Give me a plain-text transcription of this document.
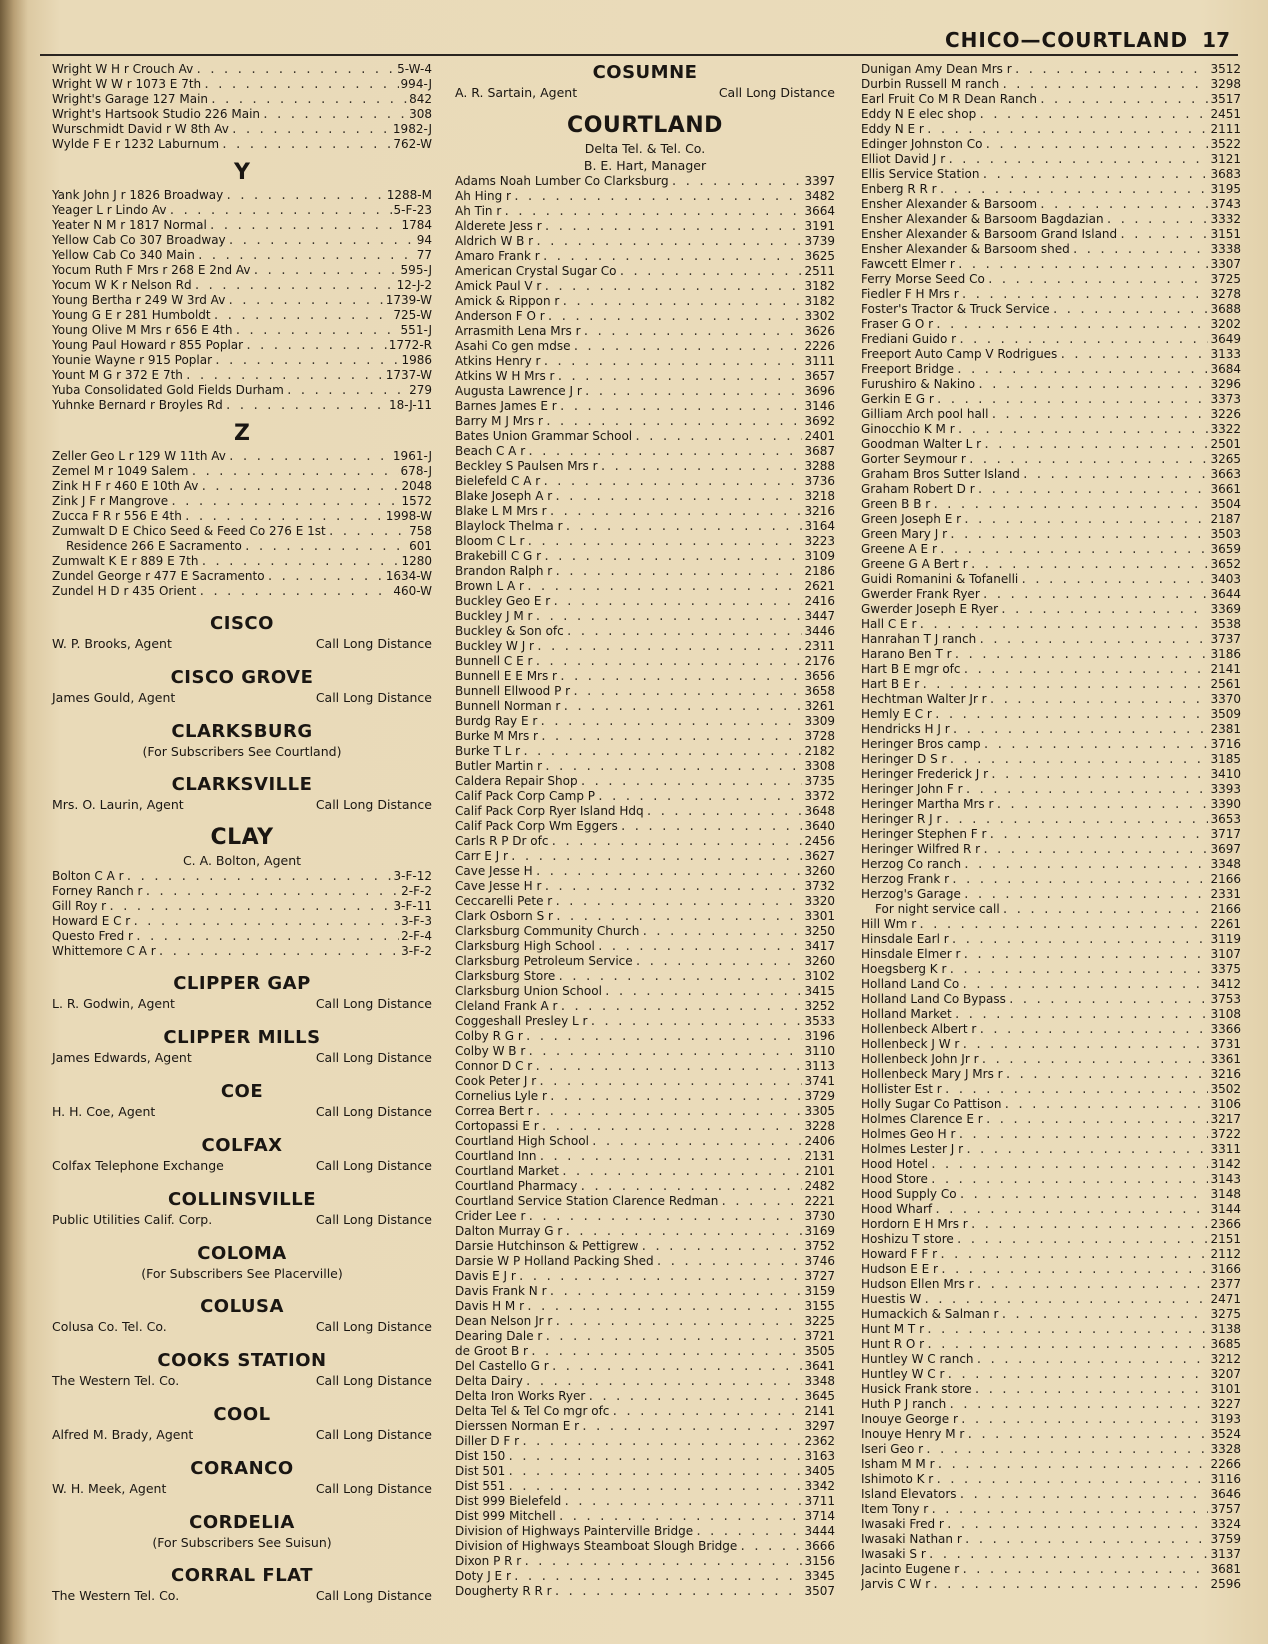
CHICO—COURTLAND 17
Wright W H r Crouch Av . . .	5-W-4
Wright W W r 1073 E 7th . . .	994-J
Wright's Garage 127 Main . . .	842
Wright's Hartsook Studio 226 Main . . .	308
Wurschmidt David r W 8th Av . . .	1982-J
Wylde F E r 1232 Laburnum . . .	762-W
Y
Yank John J r 1826 Broadway . . .	1288-M
Yeager L r Lindo Av . . .	5-F-23
Yeater N M r 1817 Normal . . .	1784
Yellow Cab Co 307 Broadway . . .	94
Yellow Cab Co 340 Main . . .	77
Yocum Ruth F Mrs r 268 E 2nd Av . . .	595-J
Yocum W K r Nelson Rd . . .	12-J-2
Young Bertha r 249 W 3rd Av . . .	1739-W
Young G E r 281 Humboldt . . .	725-W
Young Olive M Mrs r 656 E 4th . . .	551-J
Young Paul Howard r 855 Poplar . . .	1772-R
Younie Wayne r 915 Poplar . . .	1986
Yount M G r 372 E 7th . . .	1737-W
Yuba Consolidated Gold Fields Durham . . .	279
Yuhnke Bernard r Broyles Rd . . .	18-J-11
Z
Zeller Geo L r 129 W 11th Av . . .	1961-J
Zemel M r 1049 Salem . . .	678-J
Zink H F r 460 E 10th Av . . .	2048
Zink J F r Mangrove . . .	1572
Zucca F R r 556 E 4th . . .	1998-W
Zumwalt D E Chico Seed & Feed Co 276 E 1st . . .	758
Residence 266 E Sacramento . . .	601
Zumwalt K E r 889 E 7th . . .	1280
Zundel George r 477 E Sacramento . . .	1634-W
Zundel H D r 435 Orient . . .	460-W
CISCO
W. P. Brooks, Agent	Call Long Distance
CISCO GROVE
James Gould, Agent	Call Long Distance
CLARKSBURG
(For Subscribers See Courtland)
CLARKSVILLE
Mrs. O. Laurin, Agent	Call Long Distance
CLAY
C. A. Bolton, Agent
Bolton C A r . . .	3-F-12
Forney Ranch r . . .	2-F-2
Gill Roy r . . .	3-F-11
Howard E C r . . .	3-F-3
Questo Fred r . . .	2-F-4
Whittemore C A r . . .	3-F-2
CLIPPER GAP
L. R. Godwin, Agent	Call Long Distance
CLIPPER MILLS
James Edwards, Agent	Call Long Distance
COE
H. H. Coe, Agent	Call Long Distance
COLFAX
Colfax Telephone Exchange	Call Long Distance
COLLINSVILLE
Public Utilities Calif. Corp.	Call Long Distance
COLOMA
(For Subscribers See Placerville)
COLUSA
Colusa Co. Tel. Co.	Call Long Distance
COOKS STATION
The Western Tel. Co.	Call Long Distance
COOL
Alfred M. Brady, Agent	Call Long Distance
CORANCO
W. H. Meek, Agent	Call Long Distance
CORDELIA
(For Subscribers See Suisun)
CORRAL FLAT
The Western Tel. Co.	Call Long Distance
COSUMNE
A. R. Sartain, Agent	Call Long Distance
COURTLAND
Delta Tel. & Tel. Co.
B. E. Hart, Manager
Adams Noah Lumber Co Clarksburg . . .	3397
Ah Hing r . . .	3482
Ah Tin r . . .	3664
Alderete Jess r . . .	3191
Aldrich W B r . . .	3739
Amaro Frank r . . .	3625
American Crystal Sugar Co . . .	2511
Amick Paul V r . . .	3182
Amick & Rippon r . . .	3182
Anderson F O r . . .	3302
Arrasmith Lena Mrs r . . .	3626
Asahi Co gen mdse . . .	2226
Atkins Henry r . . .	3111
Atkins W H Mrs r . . .	3657
Augusta Lawrence J r . . .	3696
Barnes James E r . . .	3146
Barry M J Mrs r . . .	3692
Bates Union Grammar School . . .	2401
Beach C A r . . .	3687
Beckley S Paulsen Mrs r . . .	3288
Bielefeld C A r . . .	3736
Blake Joseph A r . . .	3218
Blake L M Mrs r . . .	3216
Blaylock Thelma r . . .	3164
Bloom C L r . . .	3223
Brakebill C G r . . .	3109
Brandon Ralph r . . .	2186
Brown L A r . . .	2621
Buckley Geo E r . . .	2416
Buckley J M r . . .	3447
Buckley & Son ofc . . .	3446
Buckley W J r . . .	2311
Bunnell C E r . . .	2176
Bunnell E E Mrs r . . .	3656
Bunnell Ellwood P r . . .	3658
Bunnell Norman r . . .	3261
Burdg Ray E r . . .	3309
Burke M Mrs r . . .	3728
Burke T L r . . .	2182
Butler Martin r . . .	3308
Caldera Repair Shop . . .	3735
Calif Pack Corp Camp P . . .	3372
Calif Pack Corp Ryer Island Hdq . . .	3648
Calif Pack Corp Wm Eggers . . .	3640
Carls R P Dr ofc . . .	2456
Carr E J r . . .	3627
Cave Jesse H . . .	3260
Cave Jesse H r . . .	3732
Ceccarelli Pete r . . .	3320
Clark Osborn S r . . .	3301
Clarksburg Community Church . . .	3250
Clarksburg High School . . .	3417
Clarksburg Petroleum Service . . .	3260
Clarksburg Store . . .	3102
Clarksburg Union School . . .	3415
Cleland Frank A r . . .	3252
Coggeshall Presley L r . . .	3533
Colby R G r . . .	3196
Colby W B r . . .	3110
Connor D C r . . .	3113
Cook Peter J r . . .	3741
Cornelius Lyle r . . .	3729
Correa Bert r . . .	3305
Cortopassi E r . . .	3228
Courtland High School . . .	2406
Courtland Inn . . .	2131
Courtland Market . . .	2101
Courtland Pharmacy . . .	2482
Courtland Service Station Clarence Redman . . .	2221
Crider Lee r . . .	3730
Dalton Murray G r . . .	3169
Darsie Hutchinson & Pettigrew . . .	3752
Darsie W P Holland Packing Shed . . .	3746
Davis E J r . . .	3727
Davis Frank N r . . .	3159
Davis H M r . . .	3155
Dean Nelson Jr r . . .	3225
Dearing Dale r . . .	3721
de Groot B r . . .	3505
Del Castello G r . . .	3641
Delta Dairy . . .	3348
Delta Iron Works Ryer . . .	3645
Delta Tel & Tel Co mgr ofc . . .	2141
Dierssen Norman E r . . .	3297
Diller D F r . . .	2362
Dist 150 . . .	3163
Dist 501 . . .	3405
Dist 551 . . .	3342
Dist 999 Bielefeld . . .	3711
Dist 999 Mitchell . . .	3714
Division of Highways Painterville Bridge . . .	3444
Division of Highways Steamboat Slough Bridge . . .	3666
Dixon P R r . . .	3156
Doty J E r . . .	3345
Dougherty R R r . . .	3507
Dunigan Amy Dean Mrs r . . .	3512
Durbin Russell M ranch . . .	3298
Earl Fruit Co M R Dean Ranch . . .	3517
Eddy N E elec shop . . .	2451
Eddy N E r . . .	2111
Edinger Johnston Co . . .	3522
Elliot David J r . . .	3121
Ellis Service Station . . .	3683
Enberg R R r . . .	3195
Ensher Alexander & Barsoom . . .	3743
Ensher Alexander & Barsoom Bagdazian . . .	3332
Ensher Alexander & Barsoom Grand Island . . .	3151
Ensher Alexander & Barsoom shed . . .	3338
Fawcett Elmer r . . .	3307
Ferry Morse Seed Co . . .	3725
Fiedler F H Mrs r . . .	3278
Foster's Tractor & Truck Service . . .	3688
Fraser G O r . . .	3202
Frediani Guido r . . .	3649
Freeport Auto Camp V Rodrigues . . .	3133
Freeport Bridge . . .	3684
Furushiro & Nakino . . .	3296
Gerkin E G r . . .	3373
Gilliam Arch pool hall . . .	3226
Ginocchio K M r . . .	3322
Goodman Walter L r . . .	2501
Gorter Seymour r . . .	3265
Graham Bros Sutter Island . . .	3663
Graham Robert D r . . .	3661
Green B B r . . .	3504
Green Joseph E r . . .	2187
Green Mary J r . . .	3503
Greene A E r . . .	3659
Greene G A Bert r . . .	3652
Guidi Romanini & Tofanelli . . .	3403
Gwerder Frank Ryer . . .	3644
Gwerder Joseph E Ryer . . .	3369
Hall C E r . . .	3538
Hanrahan T J ranch . . .	3737
Harano Ben T r . . .	3186
Hart B E mgr ofc . . .	2141
Hart B E r . . .	2561
Hechtman Walter Jr r . . .	3370
Hemly E C r . . .	3509
Hendricks H J r . . .	2381
Heringer Bros camp . . .	3716
Heringer D S r . . .	3185
Heringer Frederick J r . . .	3410
Heringer John F r . . .	3393
Heringer Martha Mrs r . . .	3390
Heringer R J r . . .	3653
Heringer Stephen F r . . .	3717
Heringer Wilfred R r . . .	3697
Herzog Co ranch . . .	3348
Herzog Frank r . . .	2166
Herzog's Garage . . .	2331
For night service call . . .	2166
Hill Wm r . . .	2261
Hinsdale Earl r . . .	3119
Hinsdale Elmer r . . .	3107
Hoegsberg K r . . .	3375
Holland Land Co . . .	3412
Holland Land Co Bypass . . .	3753
Holland Market . . .	3108
Hollenbeck Albert r . . .	3366
Hollenbeck J W r . . .	3731
Hollenbeck John Jr r . . .	3361
Hollenbeck Mary J Mrs r . . .	3216
Hollister Est r . . .	3502
Holly Sugar Co Pattison . . .	3106
Holmes Clarence E r . . .	3217
Holmes Geo H r . . .	3722
Holmes Lester J r . . .	3311
Hood Hotel . . .	3142
Hood Store . . .	3143
Hood Supply Co . . .	3148
Hood Wharf . . .	3144
Hordorn E H Mrs r . . .	2366
Hoshizu T store . . .	2151
Howard F F r . . .	2112
Hudson E E r . . .	3166
Hudson Ellen Mrs r . . .	2377
Huestis W . . .	2471
Humackich & Salman r . . .	3275
Hunt M T r . . .	3138
Hunt R O r . . .	3685
Huntley W C ranch . . .	3212
Huntley W C r . . .	3207
Husick Frank store . . .	3101
Huth P J ranch . . .	3227
Inouye George r . . .	3193
Inouye Henry M r . . .	3524
Iseri Geo r . . .	3328
Isham M M r . . .	2266
Ishimoto K r . . .	3116
Island Elevators . . .	3646
Item Tony r . . .	3757
Iwasaki Fred r . . .	3324
Iwasaki Nathan r . . .	3759
Iwasaki S r . . .	3137
Jacinto Eugene r . . .	3681
Jarvis C W r . . .	2596
